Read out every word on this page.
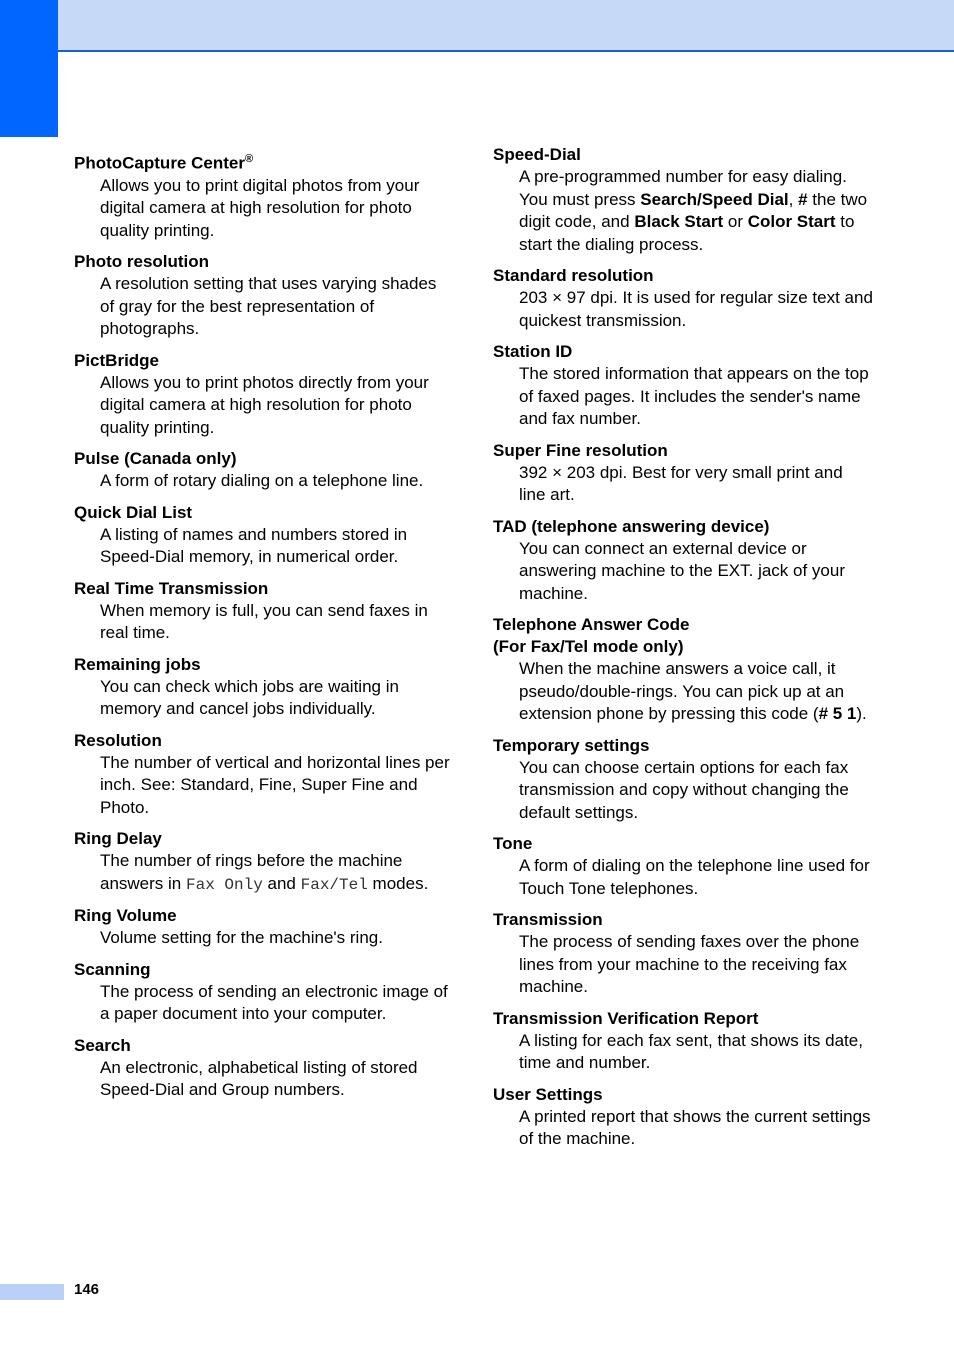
PhotoCapture Center®
Allows you to print digital photos from your digital camera at high resolution for photo quality printing.
Photo resolution
A resolution setting that uses varying shades of gray for the best representation of photographs.
PictBridge
Allows you to print photos directly from your digital camera at high resolution for photo quality printing.
Pulse (Canada only)
A form of rotary dialing on a telephone line.
Quick Dial List
A listing of names and numbers stored in Speed-Dial memory, in numerical order.
Real Time Transmission
When memory is full, you can send faxes in real time.
Remaining jobs
You can check which jobs are waiting in memory and cancel jobs individually.
Resolution
The number of vertical and horizontal lines per inch. See: Standard, Fine, Super Fine and Photo.
Ring Delay
The number of rings before the machine answers in Fax Only and Fax/Tel modes.
Ring Volume
Volume setting for the machine's ring.
Scanning
The process of sending an electronic image of a paper document into your computer.
Search
An electronic, alphabetical listing of stored Speed-Dial and Group numbers.
Speed-Dial
A pre-programmed number for easy dialing. You must press Search/Speed Dial, # the two digit code, and Black Start or Color Start to start the dialing process.
Standard resolution
203 × 97 dpi. It is used for regular size text and quickest transmission.
Station ID
The stored information that appears on the top of faxed pages. It includes the sender's name and fax number.
Super Fine resolution
392 × 203 dpi. Best for very small print and line art.
TAD (telephone answering device)
You can connect an external device or answering machine to the EXT. jack of your machine.
Telephone Answer Code
(For Fax/Tel mode only)
When the machine answers a voice call, it pseudo/double-rings. You can pick up at an extension phone by pressing this code (# 5 1).
Temporary settings
You can choose certain options for each fax transmission and copy without changing the default settings.
Tone
A form of dialing on the telephone line used for Touch Tone telephones.
Transmission
The process of sending faxes over the phone lines from your machine to the receiving fax machine.
Transmission Verification Report
A listing for each fax sent, that shows its date, time and number.
User Settings
A printed report that shows the current settings of the machine.
146
